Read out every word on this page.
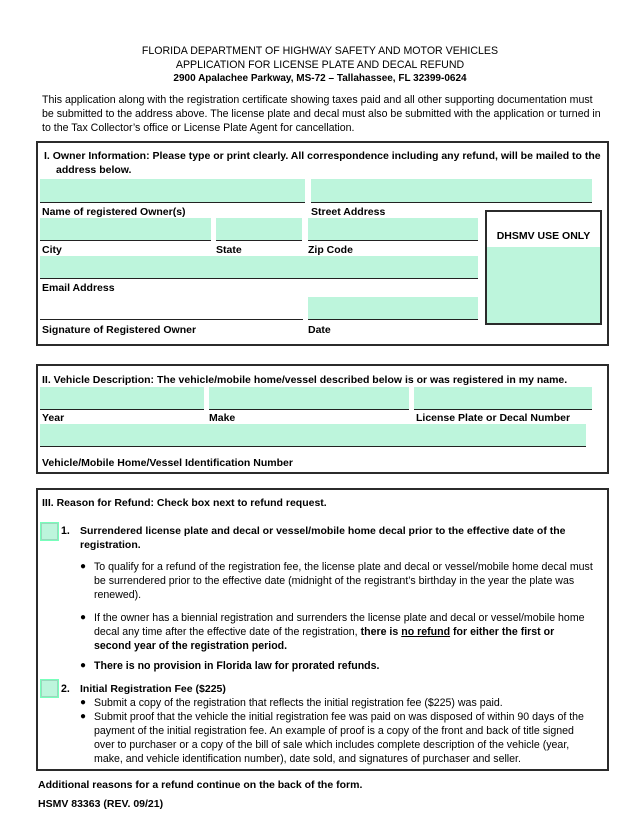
FLORIDA DEPARTMENT OF HIGHWAY SAFETY AND MOTOR VEHICLES
APPLICATION FOR LICENSE PLATE AND DECAL REFUND
2900 Apalachee Parkway, MS-72 – Tallahassee, FL 32399-0624
This application along with the registration certificate showing taxes paid and all other supporting documentation must be submitted to the address above. The license plate and decal must also be submitted with the application or turned in to the Tax Collector’s office or License Plate Agent for cancellation.
I. Owner Information: Please type or print clearly. All correspondence including any refund, will be mailed to the
address below.
Name of registered Owner(s)	Street Address
City	State	Zip Code
Email Address
Signature of Registered Owner	Date
DHSMV USE ONLY
II. Vehicle Description: The vehicle/mobile home/vessel described below is or was registered in my name.
Year	Make	License Plate or Decal Number
Vehicle/Mobile Home/Vessel Identification Number
III. Reason for Refund: Check box next to refund request.
1. Surrendered license plate and decal or vessel/mobile home decal prior to the effective date of the
registration.
● To qualify for a refund of the registration fee, the license plate and decal or vessel/mobile home decal must be surrendered prior to the effective date (midnight of the registrant’s birthday in the year the plate was renewed).
● If the owner has a biennial registration and surrenders the license plate and decal or vessel/mobile home decal any time after the effective date of the registration, there is no refund for either the first or second year of the registration period.
● There is no provision in Florida law for prorated refunds.
2. Initial Registration Fee ($225)
● Submit a copy of the registration that reflects the initial registration fee ($225) was paid.
● Submit proof that the vehicle the initial registration fee was paid on was disposed of within 90 days of the payment of the initial registration fee. An example of proof is a copy of the front and back of title signed over to purchaser or a copy of the bill of sale which includes complete description of the vehicle (year, make, and vehicle identification number), date sold, and signatures of purchaser and seller.
Additional reasons for a refund continue on the back of the form.
HSMV 83363 (REV. 09/21)
